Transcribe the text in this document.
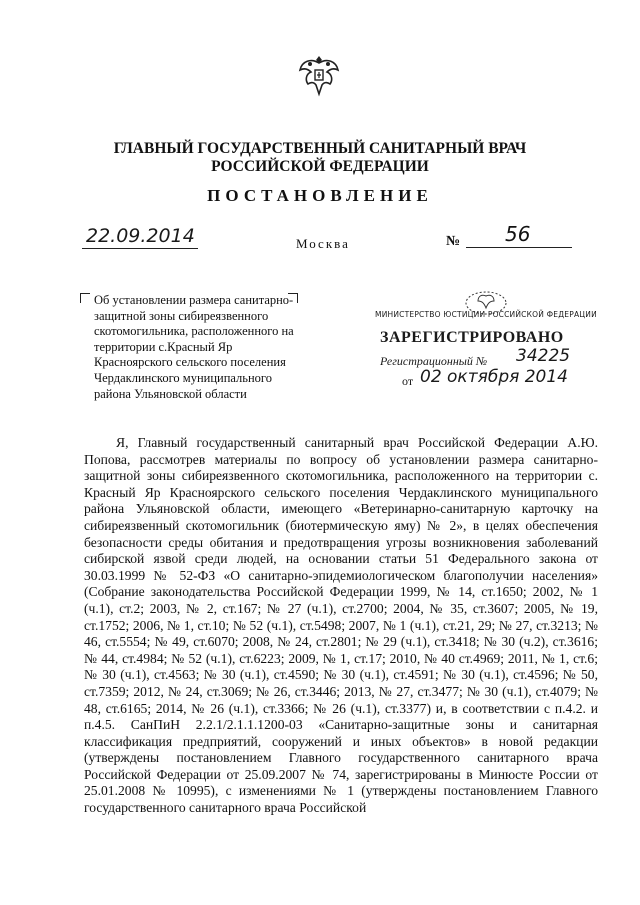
ГЛАВНЫЙ ГОСУДАРСТВЕННЫЙ САНИТАРНЫЙ ВРАЧ
РОССИЙСКОЙ ФЕДЕРАЦИИ
ПОСТАНОВЛЕНИЕ
22.09.2014	Москва	№ 56
Об установлении размера санитарно-защитной зоны сибиреязвенного скотомогильника, расположенного на территории с.Красный Яр Красноярского сельского поселения Чердаклинского муниципального района Ульяновской области
МИНИСТЕРСТВО ЮСТИЦИИ РОССИЙСКОЙ ФЕДЕРАЦИИ
ЗАРЕГИСТРИРОВАНО
Регистрационный № 34225
от 02 октября 2014

Я, Главный государственный санитарный врач Российской Федерации А.Ю. Попова, рассмотрев материалы по вопросу об установлении размера санитарно-защитной зоны сибиреязвенного скотомогильника, расположенного на территории с. Красный Яр Красноярского сельского поселения Чердаклинского муниципального района Ульяновской области, имеющего «Ветеринарно-санитарную карточку на сибиреязвенный скотомогильник (биотермическую яму) № 2», в целях обеспечения безопасности среды обитания и предотвращения угрозы возникновения заболеваний сибирской язвой среди людей, на основании статьи 51 Федерального закона от 30.03.1999 № 52-ФЗ «О санитарно-эпидемиологическом благополучии населения» (Собрание законодательства Российской Федерации 1999, № 14, ст.1650; 2002, № 1 (ч.1), ст.2; 2003, № 2, ст.167; № 27 (ч.1), ст.2700; 2004, № 35, ст.3607; 2005, № 19, ст.1752; 2006, № 1, ст.10; № 52 (ч.1), ст.5498; 2007, № 1 (ч.1), ст.21, 29; № 27, ст.3213; № 46, ст.5554; № 49, ст.6070; 2008, № 24, ст.2801; № 29 (ч.1), ст.3418; № 30 (ч.2), ст.3616; № 44, ст.4984; № 52 (ч.1), ст.6223; 2009, № 1, ст.17; 2010, № 40 ст.4969; 2011, № 1, ст.6; № 30 (ч.1), ст.4563; № 30 (ч.1), ст.4590; № 30 (ч.1), ст.4591; № 30 (ч.1), ст.4596; № 50, ст.7359; 2012, № 24, ст.3069; № 26, ст.3446; 2013, № 27, ст.3477; № 30 (ч.1), ст.4079; № 48, ст.6165; 2014, № 26 (ч.1), ст.3366; № 26 (ч.1), ст.3377) и, в соответствии с п.4.2. и п.4.5. СанПиН 2.2.1/2.1.1.1200-03 «Санитарно-защитные зоны и санитарная классификация предприятий, сооружений и иных объектов» в новой редакции (утверждены постановлением Главного государственного санитарного врача Российской Федерации от 25.09.2007 № 74, зарегистрированы в Минюсте России от 25.01.2008 № 10995), с изменениями № 1 (утверждены постановлением Главного государственного санитарного врача Российской
